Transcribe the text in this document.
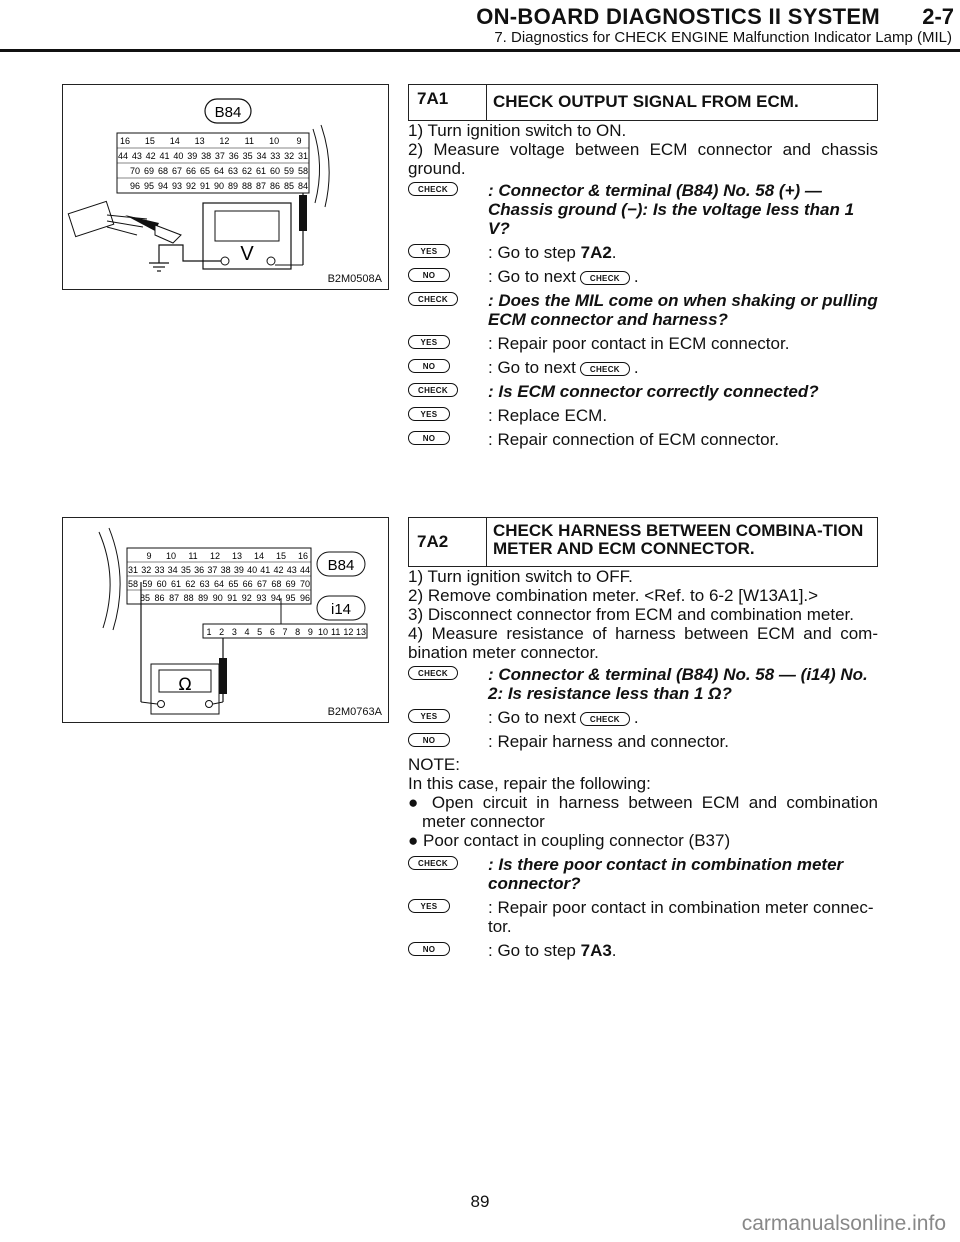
ON-BOARD DIAGNOSTICS II SYSTEM 2-7
7. Diagnostics for CHECK ENGINE Malfunction Indicator Lamp (MIL)
B84
16 15 14 13 12 11 10 9
44 43 42 41 40 39 38 37 36 35 34 33 32 31
70 69 68 67 66 65 64 63 62 61 60 59 58
96 95 94 93 92 91 90 89 88 87 86 85 84
V
B2M0508A
9 10 11 12 13 14 15 16
31 32 33 34 35 36 37 38 39 40 41 42 43 44
58 59 60 61 62 63 64 65 66 67 68 69 70
85 86 87 88 89 90 91 92 93 94 95 96
B84
i14
1 2 3 4 5 6 7 8 9 10 11 12 13
Ω
B2M0763A
7A1	CHECK OUTPUT SIGNAL FROM ECM.
1) Turn ignition switch to ON.
2) Measure voltage between ECM connector and chassis ground.
CHECK	: Connector & terminal (B84) No. 58 (+) — Chassis ground (−): Is the voltage less than 1 V?
YES	: Go to step 7A2.
NO	: Go to next CHECK .
CHECK	: Does the MIL come on when shaking or pulling ECM connector and harness?
YES	: Repair poor contact in ECM connector.
NO	: Go to next CHECK .
CHECK	: Is ECM connector correctly connected?
YES	: Replace ECM.
NO	: Repair connection of ECM connector.
7A2
CHECK HARNESS BETWEEN COMBINA-TION METER AND ECM CONNECTOR.
1) Turn ignition switch to OFF.
2) Remove combination meter. <Ref. to 6-2 [W13A1].>
3) Disconnect connector from ECM and combination meter.
4) Measure resistance of harness between ECM and com-bination meter connector.
CHECK	: Connector & terminal (B84) No. 58 — (i14) No. 2: Is resistance less than 1 Ω?
YES	: Go to next CHECK .
NO	: Repair harness and connector.
NOTE:
In this case, repair the following:
● Open circuit in harness between ECM and combination meter connector
● Poor contact in coupling connector (B37)
CHECK	: Is there poor contact in combination meter connector?
YES	: Repair poor contact in combination meter connec-tor.
NO	: Go to step 7A3.
89
carmanualsonline.info
